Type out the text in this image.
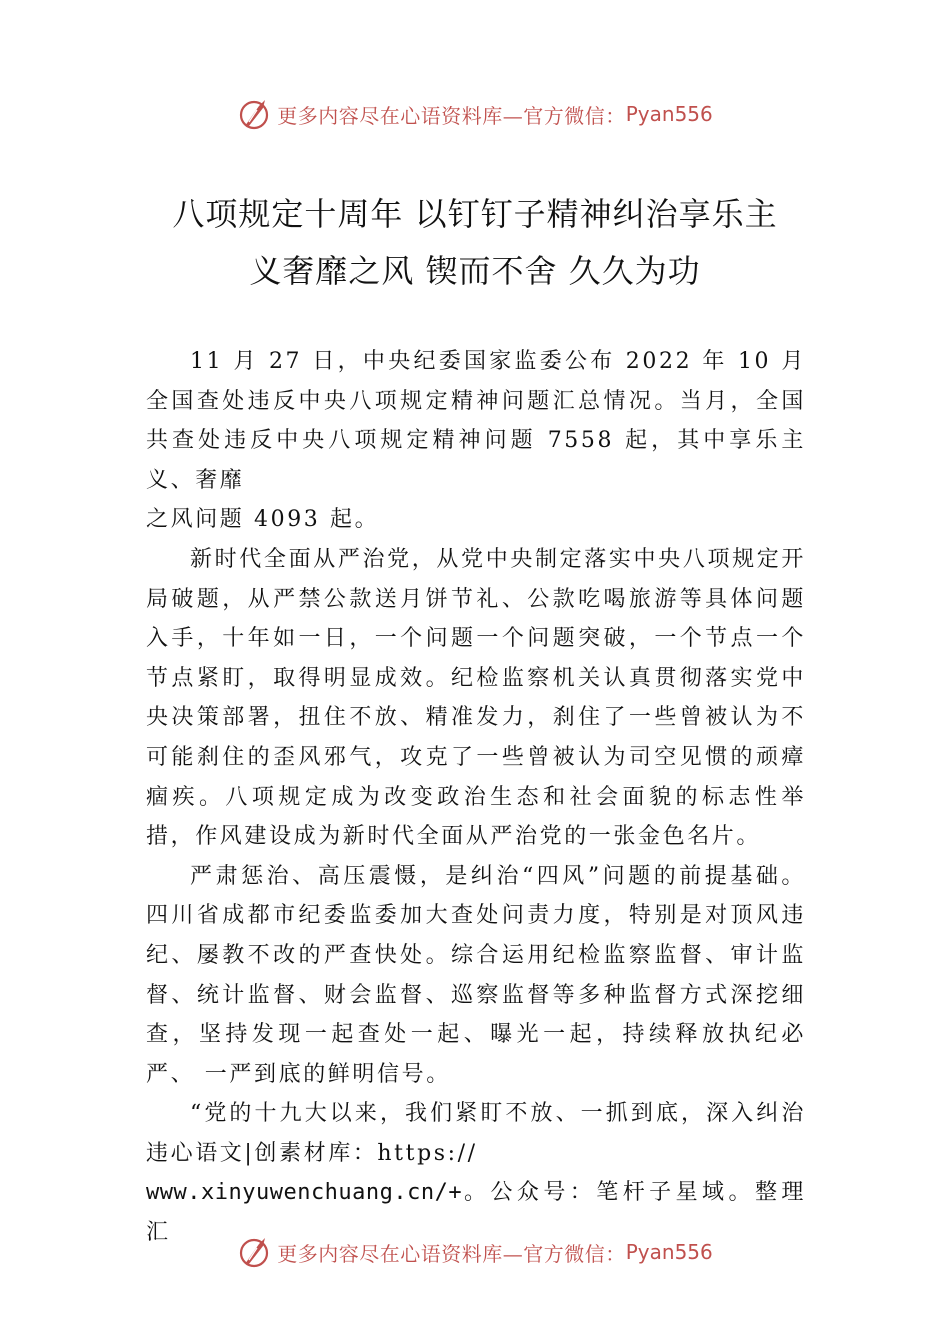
更多内容尽在心语资料库—官方微信： Pyan556
八项规定十周年 以钉钉子精神纠治享乐主
义奢靡之风 锲而不舍 久久为功

11 月 27 日，中央纪委国家监委公布 2022 年 10 月全国查处违反中央八项规定精神问题汇总情况。当月，全国共查处违反中央八项规定精神问题 7558 起，其中享乐主义、奢靡

之风问题 4093 起。

新时代全面从严治党，从党中央制定落实中央八项规定开局破题，从严禁公款送月饼节礼、公款吃喝旅游等具体问题入手，十年如一日，一个问题一个问题突破，一个节点一个节点紧盯，取得明显成效。纪检监察机关认真贯彻落实党中央决策部署，扭住不放、精准发力，刹住了一些曾被认为不可能刹住的歪风邪气，攻克了一些曾被认为司空见惯的顽瘴痼疾。八项规定成为改变政治生态和社会面貌的标志性举措，作风建设成为新时代全面从严治党的一张金色名片。

严肃惩治、高压震慑，是纠治“四风”问题的前提基础。四川省成都市纪委监委加大查处问责力度，特别是对顶风违纪、屡教不改的严查快处。综合运用纪检监察监督、审计监督、统计监督、财会监督、巡察监督等多种监督方式深挖细查，坚持发现一起查处一起、曝光一起，持续释放执纪必严、 一严到底的鲜明信号。

“党的十九大以来，我们紧盯不放、一抓到底，深入纠治违心语文|创素材库：https://

www.xinyuwenchuang.cn/+。公众号：笔杆子星域。整理汇

更多内容尽在心语资料库—官方微信： Pyan556
